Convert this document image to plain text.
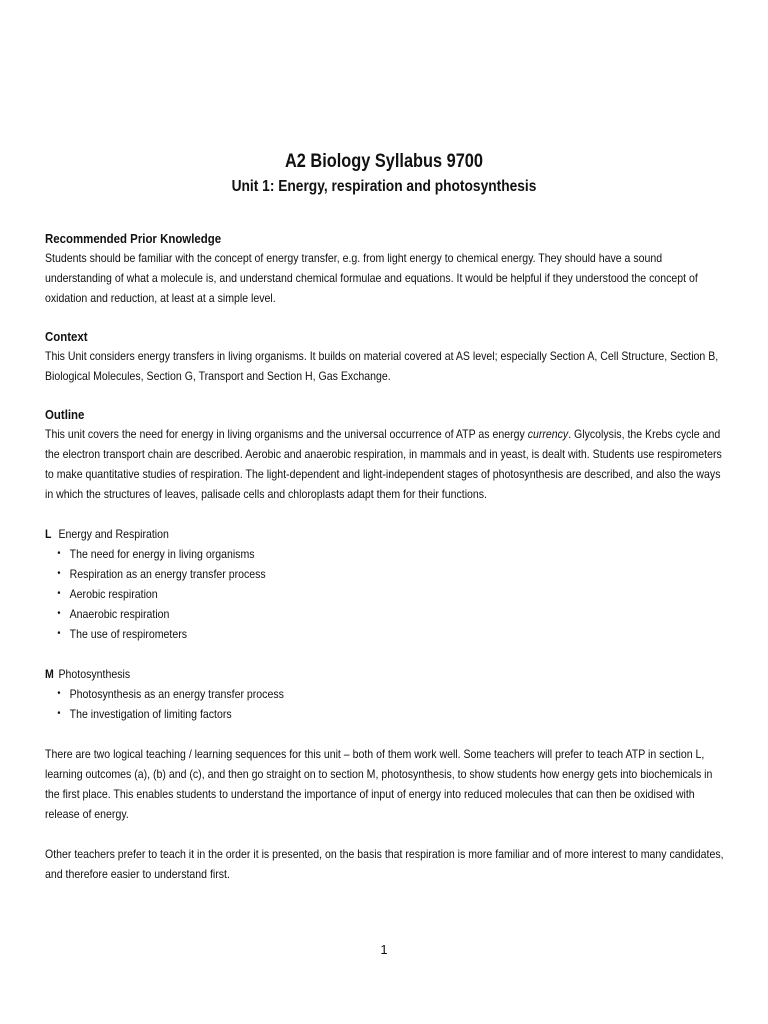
A2 Biology Syllabus 9700
Unit 1: Energy, respiration and photosynthesis

Recommended Prior Knowledge

Students should be familiar with the concept of energy transfer, e.g. from light energy to chemical energy. They should have a sound understanding of what a molecule is, and understand chemical formulae and equations. It would be helpful if they understood the concept of oxidation and reduction, at least at a simple level.

Context

This Unit considers energy transfers in living organisms. It builds on material covered at AS level; especially Section A, Cell Structure, Section B, Biological Molecules, Section G, Transport and Section H, Gas Exchange.

Outline

This unit covers the need for energy in living organisms and the universal occurrence of ATP as energy currency. Glycolysis, the Krebs cycle and the electron transport chain are described. Aerobic and anaerobic respiration, in mammals and in yeast, is dealt with. Students use respirometers to make quantitative studies of respiration. The light-dependent and light-independent stages of photosynthesis are described, and also the ways in which the structures of leaves, palisade cells and chloroplasts adapt them for their functions.

L Energy and Respiration

• The need for energy in living organisms
• Respiration as an energy transfer process
• Aerobic respiration
• Anaerobic respiration
• The use of respirometers

M Photosynthesis

• Photosynthesis as an energy transfer process
• The investigation of limiting factors

There are two logical teaching / learning sequences for this unit – both of them work well. Some teachers will prefer to teach ATP in section L, learning outcomes (a), (b) and (c), and then go straight on to section M, photosynthesis, to show students how energy gets into biochemicals in the first place. This enables students to understand the importance of input of energy into reduced molecules that can then be oxidised with release of energy.

Other teachers prefer to teach it in the order it is presented, on the basis that respiration is more familiar and of more interest to many candidates, and therefore easier to understand first.

1
